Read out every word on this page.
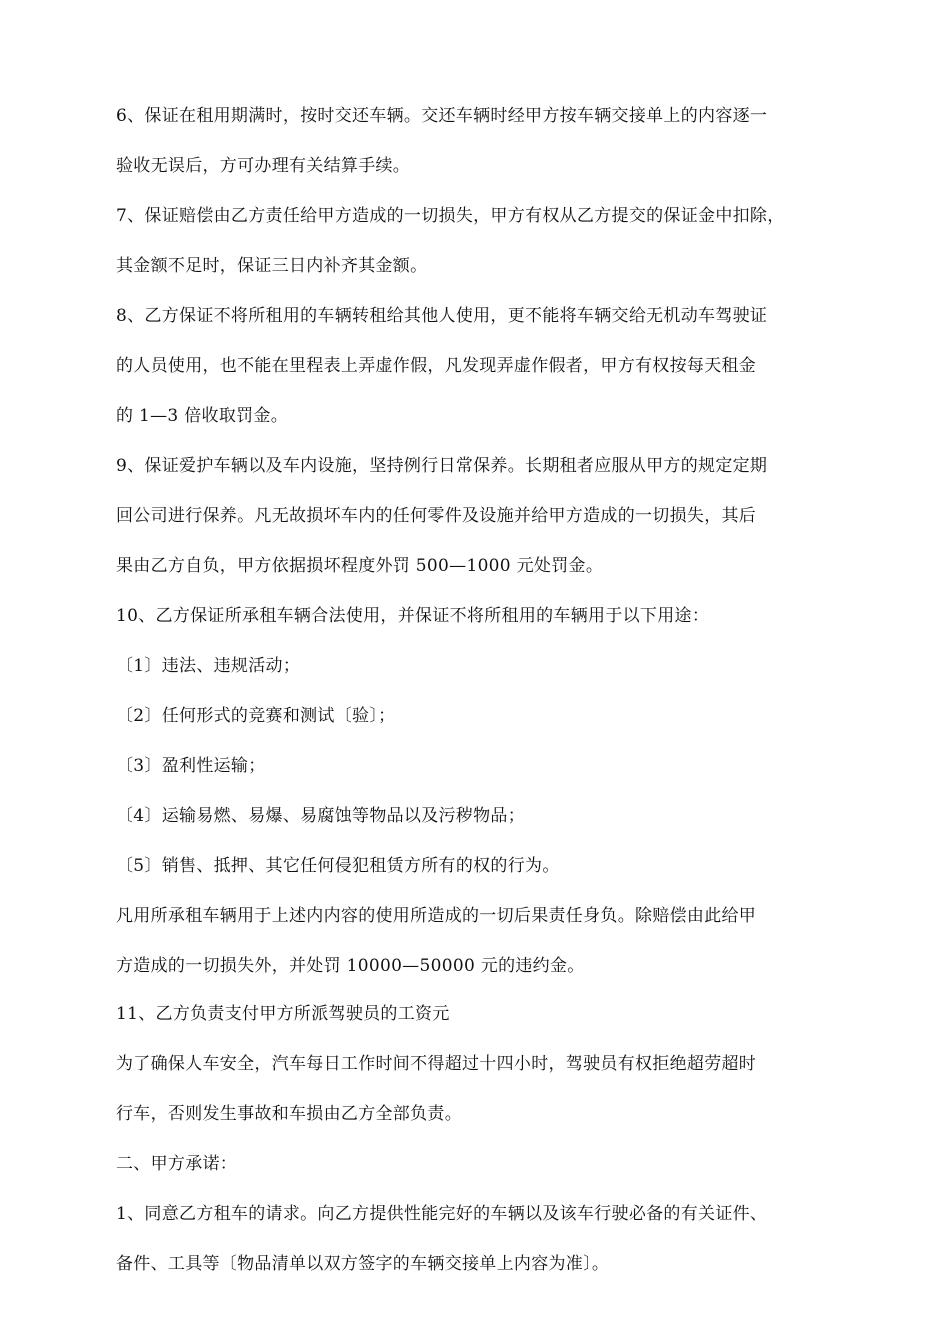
6、保证在租用期满时，按时交还车辆。交还车辆时经甲方按车辆交接单上的内容逐一
验收无误后，方可办理有关结算手续。
7、保证赔偿由乙方责任给甲方造成的一切损失，甲方有权从乙方提交的保证金中扣除，
其金额不足时，保证三日内补齐其金额。
8、乙方保证不将所租用的车辆转租给其他人使用，更不能将车辆交给无机动车驾驶证
的人员使用，也不能在里程表上弄虚作假，凡发现弄虚作假者，甲方有权按每天租金
的 1—3 倍收取罚金。
9、保证爱护车辆以及车内设施，坚持例行日常保养。长期租者应服从甲方的规定定期
回公司进行保养。凡无故损坏车内的任何零件及设施并给甲方造成的一切损失，其后
果由乙方自负，甲方依据损坏程度外罚 500—1000 元处罚金。
10、乙方保证所承租车辆合法使用，并保证不将所租用的车辆用于以下用途：
〔1〕违法、违规活动；
〔2〕任何形式的竞赛和测试〔验〕；
〔3〕盈利性运输；
〔4〕运输易燃、易爆、易腐蚀等物品以及污秽物品；
〔5〕销售、抵押、其它任何侵犯租赁方所有的权的行为。
凡用所承租车辆用于上述内内容的使用所造成的一切后果责任身负。除赔偿由此给甲
方造成的一切损失外，并处罚 10000—50000 元的违约金。
11、乙方负责支付甲方所派驾驶员的工资元
为了确保人车安全，汽车每日工作时间不得超过十四小时，驾驶员有权拒绝超劳超时
行车，否则发生事故和车损由乙方全部负责。
二、甲方承诺：
1、同意乙方租车的请求。向乙方提供性能完好的车辆以及该车行驶必备的有关证件、
备件、工具等〔物品清单以双方签字的车辆交接单上内容为准〕。
